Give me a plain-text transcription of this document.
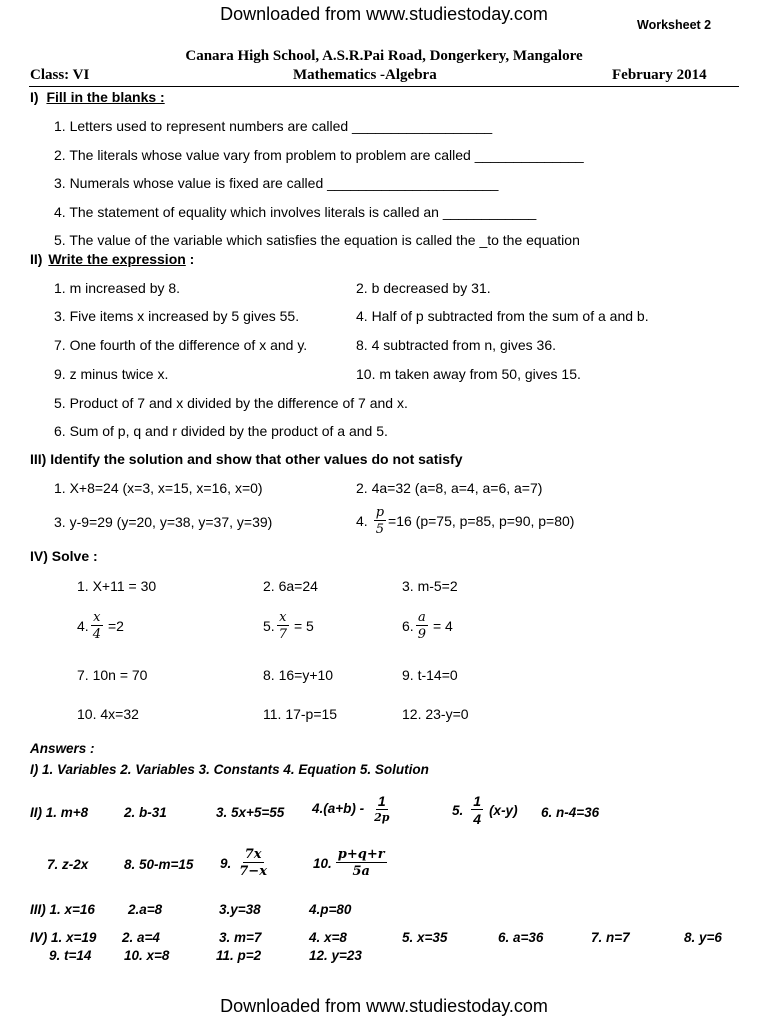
Downloaded from www.studiestoday.com
Worksheet 2
Canara High School, A.S.R.Pai Road, Dongerkery, Mangalore
Class: VI	Mathematics -Algebra	February 2014
I) Fill in the blanks :
1. Letters used to represent numbers are called __________________
2. The literals whose value vary from problem to problem are called ______________
3. Numerals whose value is fixed are called ______________________
4. The statement of equality which involves literals is called an ____________
5. The value of the variable which satisfies the equation is called the _to the equation
II) Write the expression :
1. m increased by 8.	2. b decreased by 31.
3. Five items x increased by 5 gives 55.	4. Half of p subtracted from the sum of a and b.
7. One fourth of the difference of x and y.	8. 4 subtracted from n, gives 36.
9. z minus twice x.	10. m taken away from 50, gives 15.
5. Product of 7 and x divided by the difference of 7 and x.
6. Sum of p, q and r divided by the product of a and 5.
III) Identify the solution and show that other values do not satisfy
1. X+8=24 (x=3, x=15, x=16, x=0)	2. 4a=32 (a=8, a=4, a=6, a=7)
3. y-9=29 (y=20, y=38, y=37, y=39)	4. $\frac{p}{5} =16$ (p=75, p=85, p=90, p=80)
IV) Solve :
1. X+11 = 30	2. 6a=24	3. m-5=2
4. $\frac{x}{4} =2$	5. $\frac{x}{7} = 5$	6. $\frac{a}{9} = 4$
7. 10n = 70	8. 16=y+10	9. t-14=0
10. 4x=32	11. 17-p=15	12. 23-y=0
Answers :
I) 1. Variables 2. Variables 3. Constants 4. Equation 5. Solution
II) 1. m+8	2. b-31	3. 5x+5=55 $4.(a+b) - \frac{1}{2p}$	5. $\frac{1}{4} (x-y)$ 6. n-4=36
7. z-2x	8. 50-m=15 9. $\frac{7x}{7-x}$	10. $\frac{p+q+r}{5a}$
III) 1. x=16 2.a=8	3.y=38	4.p=80
IV) 1. x=19 2. a=4	3. m=7	4. x=8	5. x=35	6. a=36	7. n=7	8. y=6
9. t=14 10. x=8	11. p=2	12. y=23
Downloaded from www.studiestoday.com
